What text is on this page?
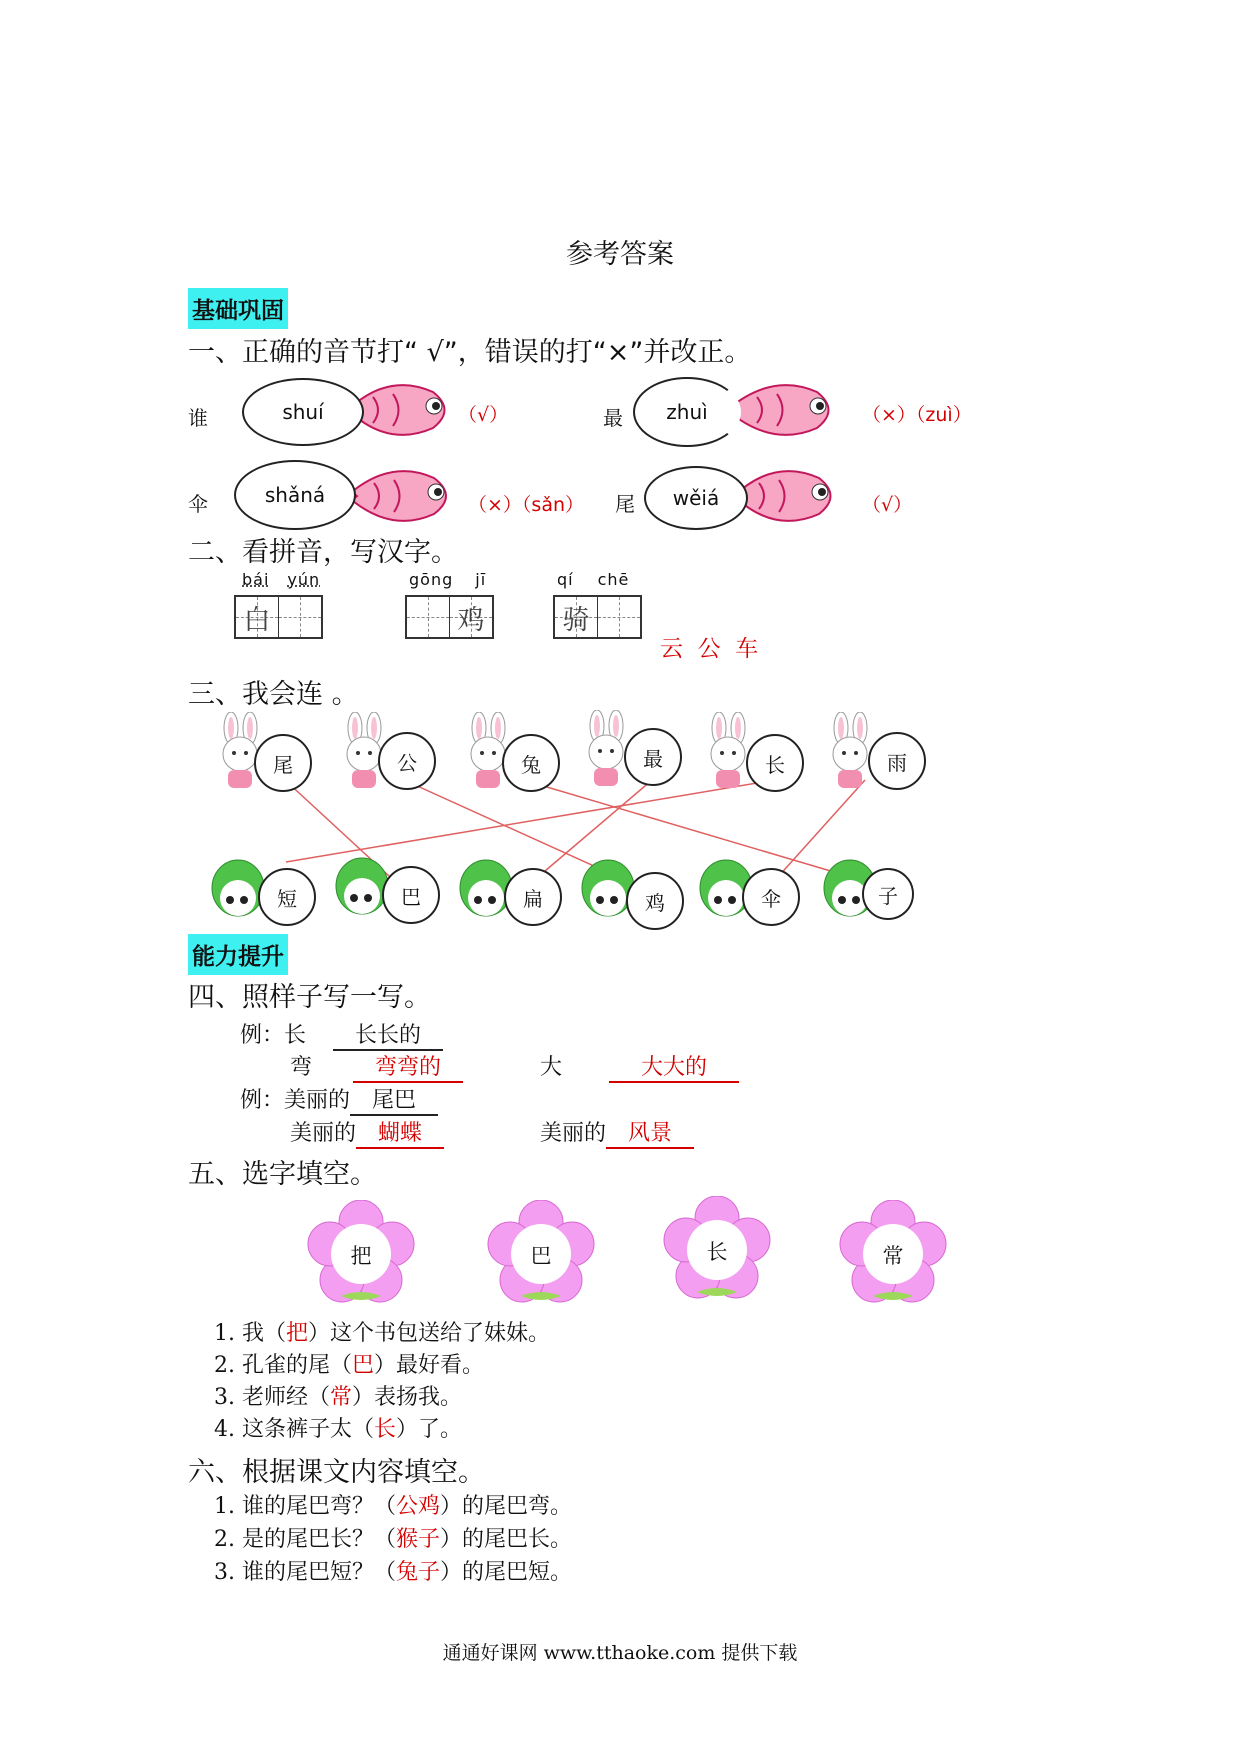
参考答案
基础巩固
一、正确的音节打“ √”，错误的打“×”并改正。
谁	shuí	（√）	最 zhuì	（×）（zuì）
伞	shǎná	（×）（sǎn） 尾 wěiá	（√）
二、看拼音，写汉字。
bái yún
白
gōng jī
鸡
qí chē
骑
云  公  车
三、我会连 。
尾	公	兔	最	长	雨
短	巴	扁	鸡	伞	子
能力提升
四、照样子写一写。
例：长 长长的
弯	弯弯的	大	大大的
例：美丽的 尾巴
美丽的 蝴蝶	美丽的 风景
五、选字填空。
把	巴	长	常
1. 我（把）这个书包送给了妹妹。
2. 孔雀的尾（巴）最好看。
3. 老师经（常）表扬我。
4. 这条裤子太（长）了。
六、根据课文内容填空。
1. 谁的尾巴弯？（公鸡）的尾巴弯。
2. 是的尾巴长？（猴子）的尾巴长。
3. 谁的尾巴短？（兔子）的尾巴短。
通通好课网 www.tthaoke.com 提供下载
